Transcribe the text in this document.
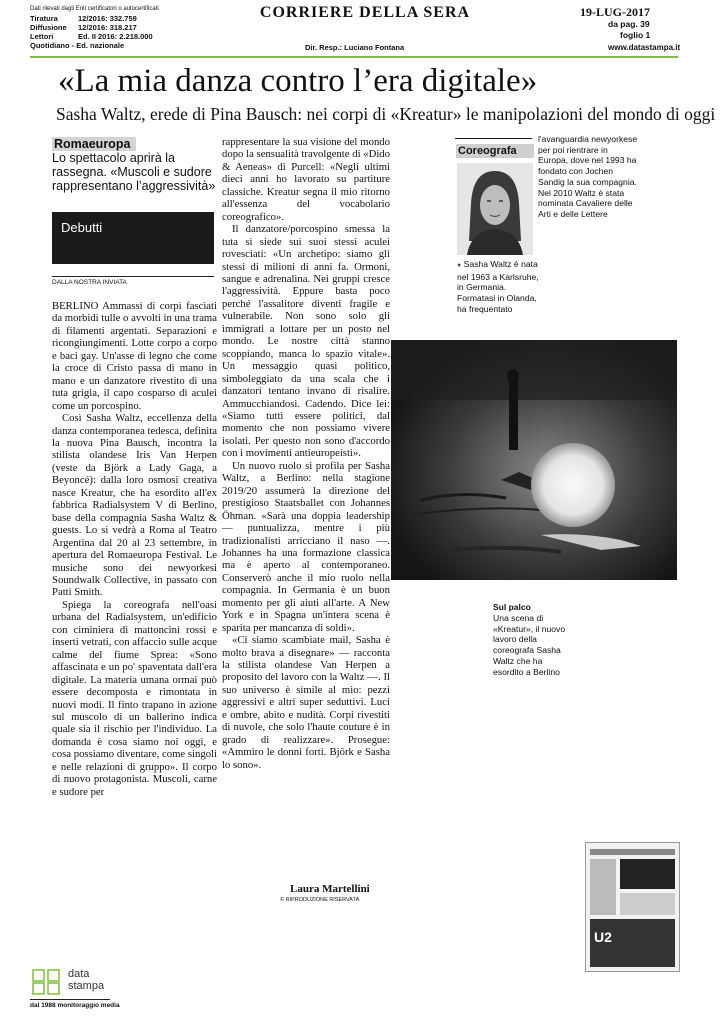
Dati rilevati dagli Enti certificatori o autocertificati
Tiratura	12/2016: 332.759
Diffusione 12/2016: 318.217
Lettori	Ed. II 2016: 2.218.000
Quotidiano - Ed. nazionale
CORRIERE DELLA SERA
Dir. Resp.: Luciano Fontana
19-LUG-2017
da pag. 39
foglio 1
www.datastampa.it
«La mia danza contro l’era digitale»
Sasha Waltz, erede di Pina Bausch: nei corpi di «Kreatur» le manipolazioni del mondo di oggi
Romaeuropa
Lo spettacolo aprirà la rassegna. «Muscoli e sudore rappresentano l’aggressività»
Debutti
DALLA NOSTRA INVIATA

BERLINO Ammassi di corpi fasciati da morbidi tulle o avvolti in una trama di filamenti argentati. Separazioni e ricongiungimenti. Lotte corpo a corpo e baci gay. Un'asse di legno che come la croce di Cristo passa di mano in mano e un danzatore rivestito di una tuta grigia, il capo cosparso di aculei come un porcospino.

Così Sasha Waltz, eccellenza della danza contemporanea tedesca, definita la nuova Pina Bausch, incontra la stilista olandese Iris Van Herpen (veste da Björk a Lady Gaga, a Beyoncé): dalla loro osmosi creativa nasce Kreatur, che ha esordito all'ex fabbrica Radialsystem V di Berlino, base della compagnia Sasha Waltz & guests. Lo si vedrà a Roma al Teatro Argentina dal 20 al 23 settembre, in apertura del Romaeuropa Festival. Le musiche sono dei newyorkesi Soundwalk Collective, in passato con Patti Smith.

Spiega la coreografa nell'oasi urbana del Radialsystem, un'edificio con ciminiera di mattoncini rossi e inserti vetrati, con affaccio sulle acque calme del fiume Sprea: «Sono affascinata e un po' spaventata dall'era digitale. La materia umana ormai può essere decomposta e rimontata in nuovi modi. Il finto trapano in azione sul muscolo di un ballerino indica quale sia il rischio per l'individuo. La domanda è cosa siamo noi oggi, e cosa possiamo diventare, come singoli e nelle relazioni di gruppo». Il corpo di nuovo protagonista. Muscoli, carne e sudore per

rappresentare la sua visione del mondo dopo la sensualità travolgente di «Dido & Aeneas» di Purcell: «Negli ultimi dieci anni ho lavorato su partiture classiche. Kreatur segna il mio ritorno all'essenza del vocabolario coreografico».

Il danzatore/porcospino smessa la tuta si siede sui suoi stessi aculei rovesciati: «Un archetipo: siamo gli stessi di milioni di anni fa. Ormoni, sangue e adrenalina. Nei gruppi cresce l'aggressività. Eppure basta poco perché l'assalitore diventi fragile e vulnerabile. Non sono solo gli immigrati a lottare per un posto nel mondo. Le nostre città stanno scoppiando, manca lo spazio vitale». Un messaggio quasi politico, simboleggiato da una scala che i danzatori tentano invano di risalire. Ammucchiandosi. Cadendo. Dice lei: «Siamo tutti essere politici, dal momento che non possiamo vivere isolati. Per questo non sono d'accordo con i movimenti antieuropeisti».

Un nuovo ruolo si profila per Sasha Waltz, a Berlino: nella stagione 2019/20 assumerà la direzione del prestigioso Staatsballet con Johannes Öhman. «Sarà una doppia leadership — puntualizza, mentre i più tradizionalisti arricciano il naso —. Johannes ha una formazione classica ma è aperto al contemporaneo. Conserverò anche il mio ruolo nella compagnia. In Germania è un buon momento per gli aiuti all'arte. A New York e in Spagna un'intera scena è sparita per mancanza di soldi».

«Ci siamo scambiate mail, Sasha è molto brava a disegnare» — racconta la stilista olandese Van Herpen a proposito del lavoro con la Waltz —. Il suo universo è simile al mio: pezzi aggressivi e altri super seduttivi. Luci e ombre, abito e nudità. Corpi rivestiti di nuvole, che solo l'haute couture è in grado di realizzare». Prosegue: «Ammiro le donni forti. Björk e Sasha lo sono».

Laura Martellini
© RIPRODUZIONE RISERVATA
Coreografa
● Sasha Waltz è nata nel 1963 a Karlsruhe, in Germania. Formatasi in Olanda, ha frequentato
l'avanguardia newyorkese per poi rientrare in Europa, dove nel 1993 ha fondato con Jochen Sandig la sua compagnia. Nel 2010 Waltz è stata nominata Cavaliere delle Arti e delle Lettere
Sul palco
Una scena di «Kreatur», il nuovo lavoro della coreografa Sasha Waltz che ha esordito a Berlino
U2
data
stampa
dal 1988 monitoraggio media
